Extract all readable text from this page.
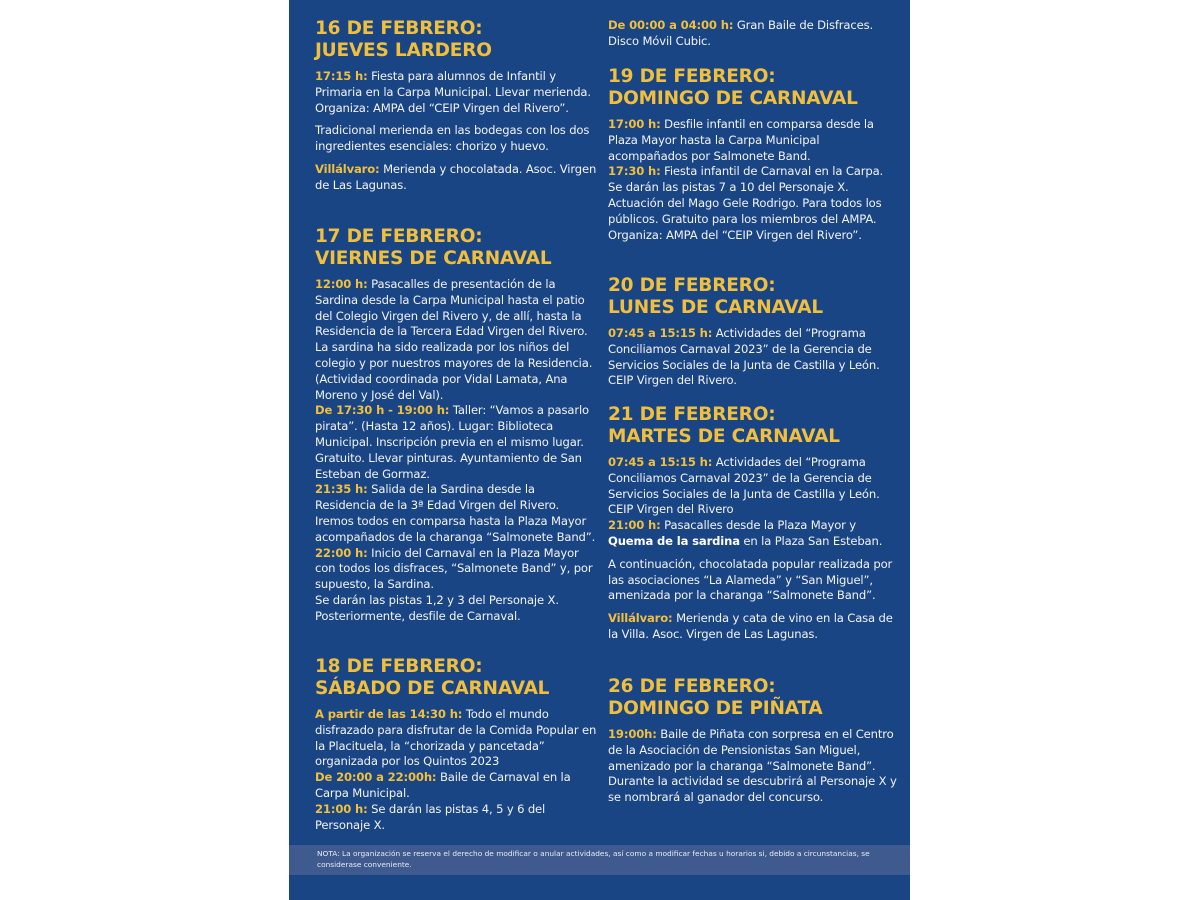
16 DE FEBRERO:
JUEVES LARDERO

17:15 h: Fiesta para alumnos de Infantil y Primaria en la Carpa Municipal. Llevar merienda. Organiza: AMPA del “CEIP Virgen del Rivero”.

Tradicional merienda en las bodegas con los dos ingredientes esenciales: chorizo y huevo.

Villálvaro: Merienda y chocolatada. Asoc. Virgen de Las Lagunas.

17 DE FEBRERO:
VIERNES DE CARNAVAL

12:00 h: Pasacalles de presentación de la Sardina desde la Carpa Municipal hasta el patio del Colegio Virgen del Rivero y, de allí, hasta la Residencia de la Tercera Edad Virgen del Rivero. La sardina ha sido realizada por los niños del colegio y por nuestros mayores de la Residencia. (Actividad coordinada por Vidal Lamata, Ana Moreno y José del Val).

De 17:30 h - 19:00 h: Taller: “Vamos a pasarlo pirata”. (Hasta 12 años). Lugar: Biblioteca Municipal. Inscripción previa en el mismo lugar. Gratuito. Llevar pinturas. Ayuntamiento de San Esteban de Gormaz.

21:35 h: Salida de la Sardina desde la Residencia de la 3ª Edad Virgen del Rivero. Iremos todos en comparsa hasta la Plaza Mayor acompañados de la charanga “Salmonete Band”.

22:00 h: Inicio del Carnaval en la Plaza Mayor con todos los disfraces, “Salmonete Band” y, por supuesto, la Sardina.

Se darán las pistas 1,2 y 3 del Personaje X.

Posteriormente, desfile de Carnaval.

18 DE FEBRERO:
SÁBADO DE CARNAVAL

A partir de las 14:30 h: Todo el mundo disfrazado para disfrutar de la Comida Popular en la Placituela, la “chorizada y pancetada” organizada por los Quintos 2023

De 20:00 a 22:00h: Baile de Carnaval en la Carpa Municipal.

21:00 h: Se darán las pistas 4, 5 y 6 del Personaje X.

De 00:00 a 04:00 h: Gran Baile de Disfraces. Disco Móvil Cubic.

19 DE FEBRERO:
DOMINGO DE CARNAVAL

17:00 h: Desfile infantil en comparsa desde la Plaza Mayor hasta la Carpa Municipal acompañados por Salmonete Band.

17:30 h: Fiesta infantil de Carnaval en la Carpa. Se darán las pistas 7 a 10 del Personaje X. Actuación del Mago Gele Rodrigo. Para todos los públicos. Gratuito para los miembros del AMPA. Organiza: AMPA del “CEIP Virgen del Rivero”.

20 DE FEBRERO:
LUNES DE CARNAVAL

07:45 a 15:15 h: Actividades del “Programa Conciliamos Carnaval 2023” de la Gerencia de Servicios Sociales de la Junta de Castilla y León. CEIP Virgen del Rivero.

21 DE FEBRERO:
MARTES DE CARNAVAL

07:45 a 15:15 h: Actividades del “Programa Conciliamos Carnaval 2023” de la Gerencia de Servicios Sociales de la Junta de Castilla y León. CEIP Virgen del Rivero

21:00 h: Pasacalles desde la Plaza Mayor y Quema de la sardina en la Plaza San Esteban.

A continuación, chocolatada popular realizada por las asociaciones “La Alameda” y “San Miguel”, amenizada por la charanga “Salmonete Band”.

Villálvaro: Merienda y cata de vino en la Casa de la Villa. Asoc. Virgen de Las Lagunas.

26 DE FEBRERO:
DOMINGO DE PIÑATA

19:00h: Baile de Piñata con sorpresa en el Centro de la Asociación de Pensionistas San Miguel, amenizado por la charanga “Salmonete Band”.

Durante la actividad se descubrirá al Personaje X y se nombrará al ganador del concurso.

NOTA: La organización se reserva el derecho de modificar o anular actividades, así como a modificar fechas u horarios si, debido a circunstancias, se considerase conveniente.
